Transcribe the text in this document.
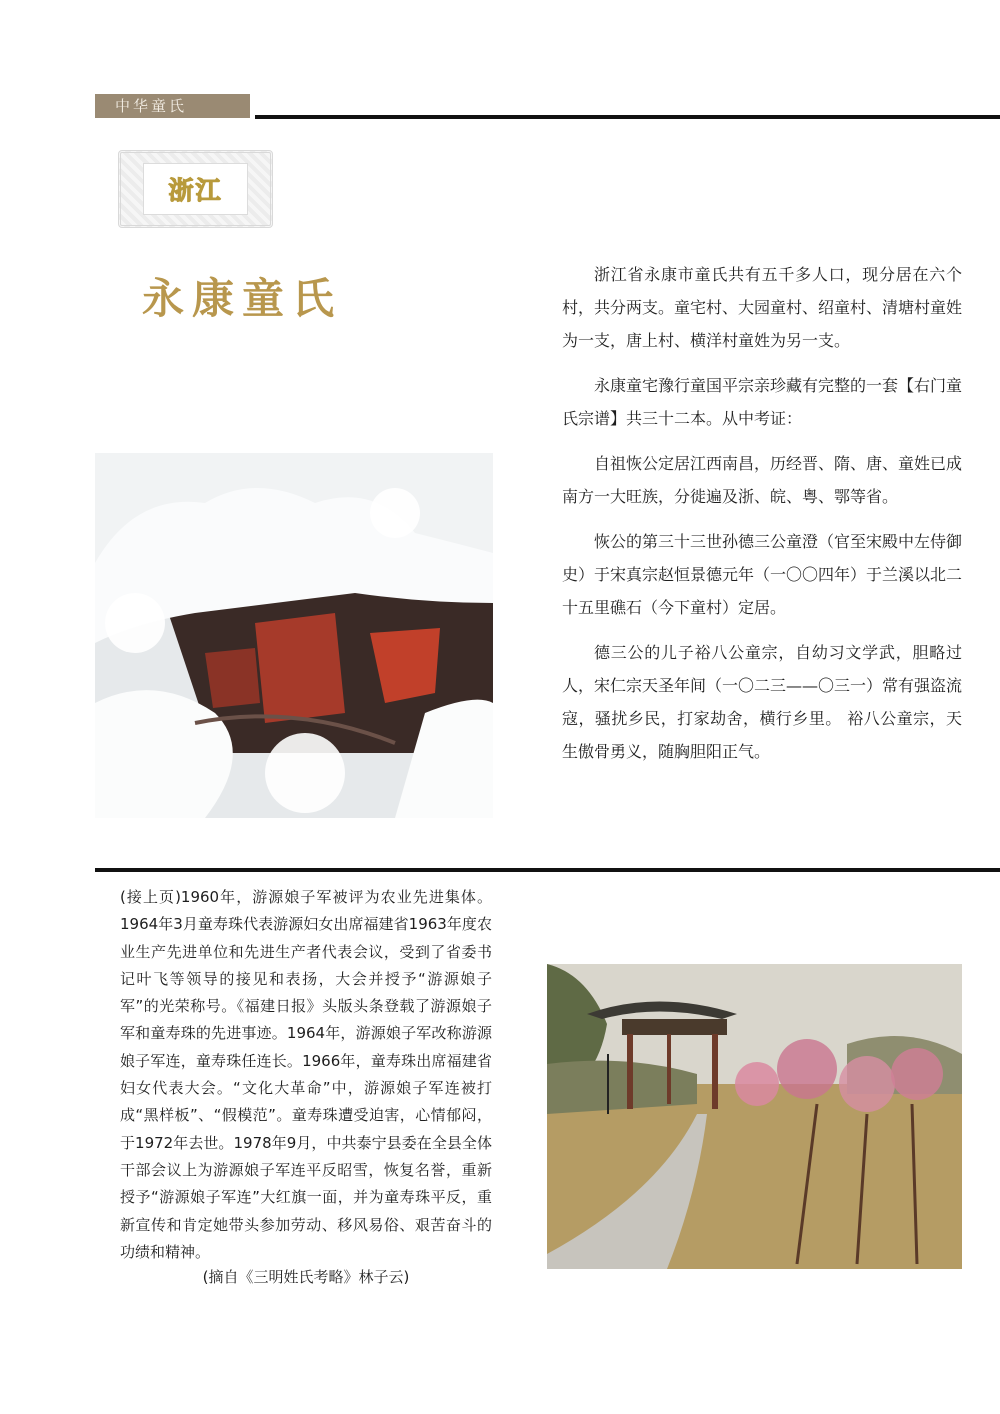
中华童氏
浙江
永康童氏	浙江省永康市童氏共有五千多人口，现分居在六个村，共分两支。童宅村、大园童村、绍童村、清塘村童姓为一支，唐上村、横洋村童姓为另一支。

永康童宅豫行童国平宗亲珍藏有完整的一套【右门童氏宗谱】共三十二本。从中考证：

自祖恢公定居江西南昌，历经晋、隋、唐、童姓已成南方一大旺族，分徙遍及浙、皖、粤、鄂等省。

恢公的第三十三世孙德三公童澄（官至宋殿中左侍御史）于宋真宗赵恒景德元年（一〇〇四年）于兰溪以北二十五里礁石（今下童村）定居。

德三公的儿子裕八公童宗，自幼习文学武，胆略过人，宋仁宗天圣年间（一〇二三——〇三一）常有强盗流寇，骚扰乡民，打家劫舍，横行乡里。 裕八公童宗，天生傲骨勇义，随胸胆阳正气。

(接上页)1960年，游源娘子军被评为农业先进集体。1964年3月童寿珠代表游源妇女出席福建省1963年度农业生产先进单位和先进生产者代表会议，受到了省委书记叶飞等领导的接见和表扬，大会并授予“游源娘子军”的光荣称号。《福建日报》头版头条登载了游源娘子军和童寿珠的先进事迹。1964年，游源娘子军改称游源娘子军连，童寿珠任连长。1966年，童寿珠出席福建省妇女代表大会。“文化大革命”中，游源娘子军连被打成“黑样板”、“假模范”。童寿珠遭受迫害，心情郁闷，于1972年去世。1978年9月，中共泰宁县委在全县全体干部会议上为游源娘子军连平反昭雪，恢复名誉，重新授予“游源娘子军连”大红旗一面，并为童寿珠平反，重新宣传和肯定她带头参加劳动、移风易俗、艰苦奋斗的功绩和精神。

(摘自《三明姓氏考略》林子云)
